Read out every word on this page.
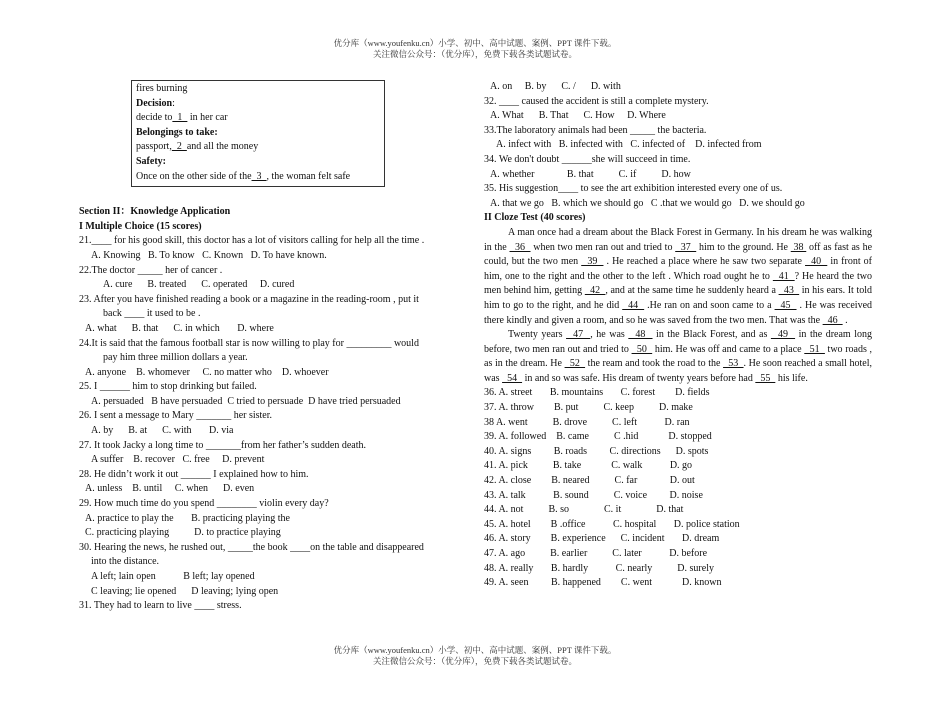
优分库（www.youfenku.cn）小学、初中、高中试题、案例、PPT 课件下载。
关注微信公众号：（优分库），免费下载各类试题试卷。
fires burning
Decision:
decide to  1   in her car
Belongings to take:
passport,  2  and all the money
Safety:
Once on the other side of the  3  , the woman felt safe
Section II：Knowledge Application
I Multiple Choice (15 scores)
21.____ for his good skill, this doctor has a lot of visitors calling for help all the time .
A. Knowing   B. To know   C. Known   D. To have known.
22.The doctor _____ her of cancer .
A. cure      B. treated      C. operated     D. cured
23. After you have finished reading a book or a magazine in the reading-room , put it
back ____ it used to be .
A. what      B. that      C. in which       D. where
24.It is said that the famous football star is now willing to play for _________ would
pay him three million dollars a year.
A. anyone    B. whomever     C. no matter who    D. whoever
25. I ______ him to stop drinking but failed.
A. persuaded   B have persuaded  C tried to persuade  D have tried persuaded
26. I sent a message to Mary _______ her sister.
A. by      B. at      C. with       D. via
27. It took Jacky a long time to _______from her father’s sudden death.
A suffer    B. recover   C. free     D. prevent
28. He didn’t work it out ______ I explained how to him.
A. unless    B. until     C. when      D. even
29. How much time do you spend ________ violin every day?
A. practice to play the       B. practicing playing the
C. practicing playing          D. to practice playing
30. Hearing the news, he rushed out, _____the book ____on the table and disappeared
into the distance.
A left; lain open           B left; lay opened
C leaving; lie opened      D leaving; lying open
31. They had to learn to live ____ stress.
A. on     B. by      C. /      D. with
32. ____ caused the accident is still a complete mystery.
A. What      B. That      C. How     D. Where
33.The laboratory animals had been _____ the bacteria.
A. infect with   B. infected with   C. infected of    D. infected from
34. We don't doubt ______she will succeed in time.
A. whether             B. that          C. if          D. how
35. His suggestion____ to see the art exhibition interested every one of us.
A. that we go   B. which we should go   C .that we would go   D. we should go
II Cloze Test (40 scores)
A man once had a dream about the Black Forest in Germany. In his dream he was walking in the   36   when two men ran out and tried to   37   him to the ground. He  38  off as fast as he could, but the two men   39   . He reached a place where he saw two separate   40   in front of him, one to the right and the other to the left . Which road ought he to   41  ? He heard the two men behind him, getting   42  , and at the same time he suddenly heard a   43   in his ears. It told him to go to the right, and he did   44   .He ran on and soon came to a   45   . He was received there kindly and given a room, and so he was saved from the two men. That was the   46   .
Twenty years   47  , he was   48   in the Black Forest, and as   49   in the dream long before, two men ran out and tried to   50   him. He was off and came to a place   51   two roads , as in the dream. He   52   the ream and took the road to the   53  . He soon reached a small hotel, was   54   in and so was safe. His dream of twenty years before had   55   his life.
36. A. street       B. mountains       C. forest        D. fields
37. A. throw        B. put          C. keep          D. make
38 A. went          B. drove          C. left           D. ran
39. A. followed    B. came          C .hid            D. stopped
40. A. signs         B. roads         C. directions      D. spots
41. A. pick          B. take            C. walk           D. go
42. A. close        B. neared          C. far             D. out
43. A. talk           B. sound          C. voice         D. noise
44. A. not          B. so              C. it              D. that
45. A. hotel        B .office           C. hospital       D. police station
46. A. story        B. experience      C. incident       D. dream
47. A. ago          B. earlier          C. later           D. before
48. A. really       B. hardly           C. nearly          D. surely
49. A. seen         B. happened        C. went            D. known
优分库（www.youfenku.cn）小学、初中、高中试题、案例、PPT 课件下载。
关注微信公众号：（优分库），免费下载各类试题试卷。
